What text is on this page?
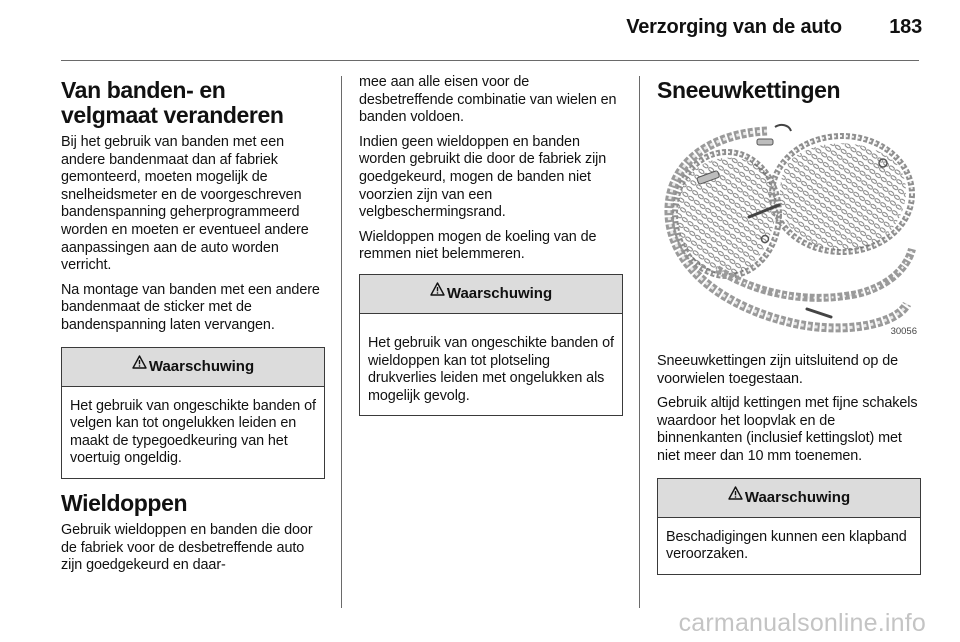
Verzorging van de auto 183
Van banden- en velgmaat veranderen

Bij het gebruik van banden met een andere bandenmaat dan af fabriek gemonteerd, moeten mogelijk de snelheidsmeter en de voorgeschreven bandenspanning geherprogrammeerd worden en moeten er eventueel andere aanpassingen aan de auto worden verricht.

Na montage van banden met een andere bandenmaat de sticker met de bandenspanning laten vervangen.

Waarschuwing

Het gebruik van ongeschikte banden of velgen kan tot ongelukken leiden en maakt de typegoedkeuring van het voertuig ongeldig.

Wieldoppen

Gebruik wieldoppen en banden die door de fabriek voor de desbetreffende auto zijn goedgekeurd en daar-

mee aan alle eisen voor de desbetreffende combinatie van wielen en banden voldoen.

Indien geen wieldoppen en banden worden gebruikt die door de fabriek zijn goedgekeurd, mogen de banden niet voorzien zijn van een velgbeschermingsrand.

Wieldoppen mogen de koeling van de remmen niet belemmeren.

Waarschuwing

Het gebruik van ongeschikte banden of wieldoppen kan tot plotseling drukverlies leiden met ongelukken als mogelijk gevolg.

Sneeuwkettingen
30056

Sneeuwkettingen zijn uitsluitend op de voorwielen toegestaan.

Gebruik altijd kettingen met fijne schakels waardoor het loopvlak en de binnenkanten (inclusief kettingslot) met niet meer dan 10 mm toenemen.

Waarschuwing

Beschadigingen kunnen een klapband veroorzaken.

carmanualsonline.info
